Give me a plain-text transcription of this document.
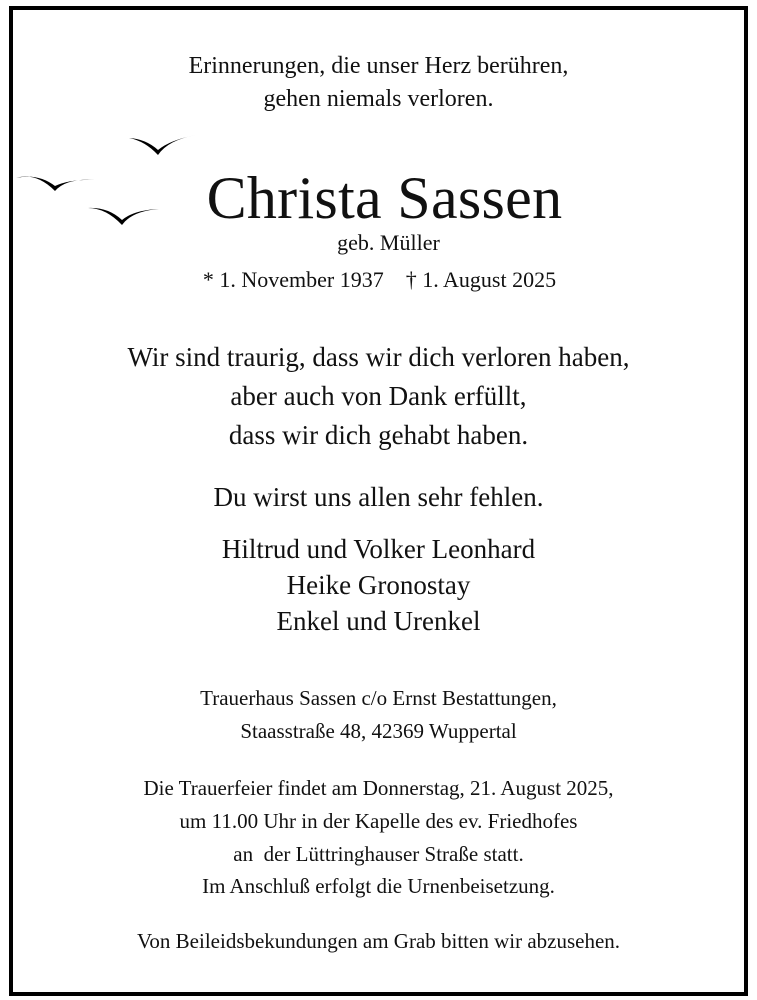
Erinnerungen, die unser Herz berühren,
gehen niemals verloren.
Christa Sassen
geb. Müller
* 1. November 1937 † 1. August 2025
Wir sind traurig, dass wir dich verloren haben,
aber auch von Dank erfüllt,
dass wir dich gehabt haben.
Du wirst uns allen sehr fehlen.
Hiltrud und Volker Leonhard
Heike Gronostay
Enkel und Urenkel
Trauerhaus Sassen c/o Ernst Bestattungen,
Staasstraße 48, 42369 Wuppertal
Die Trauerfeier findet am Donnerstag, 21. August 2025,
um 11.00 Uhr in der Kapelle des ev. Friedhofes
an  der Lüttringhauser Straße statt.
Im Anschluß erfolgt die Urnenbeisetzung.
Von Beileidsbekundungen am Grab bitten wir abzusehen.
